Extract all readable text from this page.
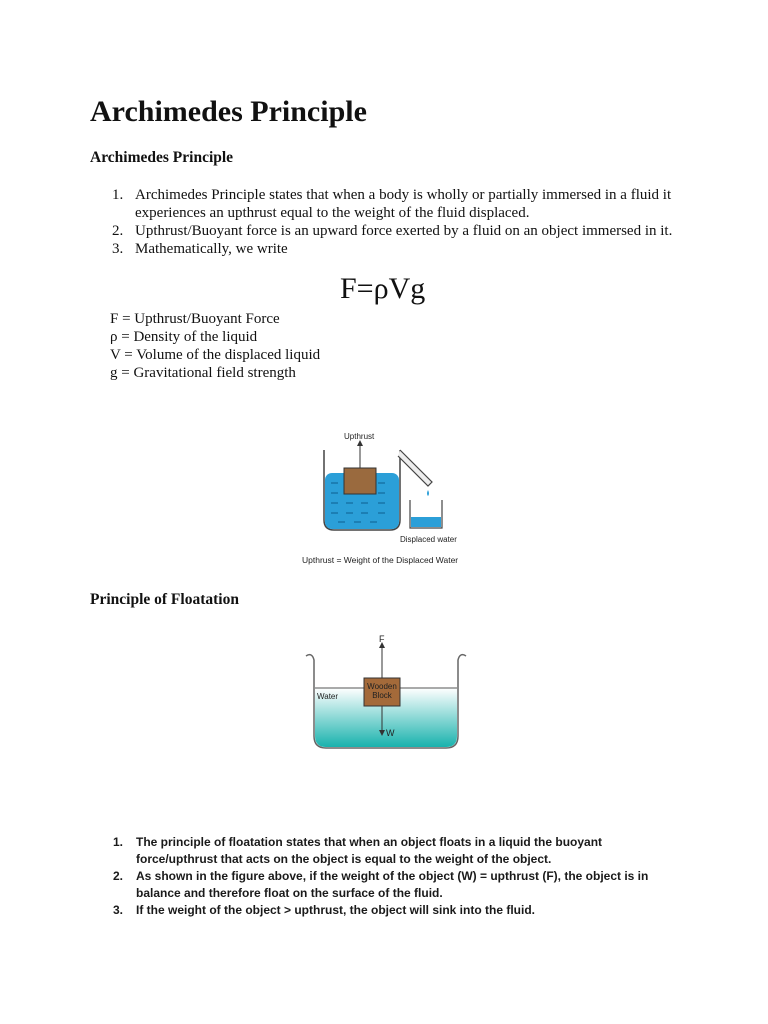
Archimedes Principle
Archimedes Principle
1. Archimedes Principle states that when a body is wholly or partially immersed in a fluid it
experiences an upthrust equal to the weight of the fluid displaced.
2. Upthrust/Buoyant force is an upward force exerted by a fluid on an object immersed in it.
3. Mathematically, we write
F=ρVg
F = Upthrust/Buoyant Force
ρ = Density of the liquid
V = Volume of the displaced liquid
g = Gravitational field strength
Upthrust
Displaced water
Upthrust = Weight of the Displaced Water
Principle of Floatation
F
Water
Wooden
Block
W
1. The principle of floatation states that when an object floats in a liquid the buoyant
force/upthrust that acts on the object is equal to the weight of the object.
2. As shown in the figure above, if the weight of the object (W) = upthrust (F), the object is in
balance and therefore float on the surface of the fluid.
3. If the weight of the object > upthrust, the object will sink into the fluid.
